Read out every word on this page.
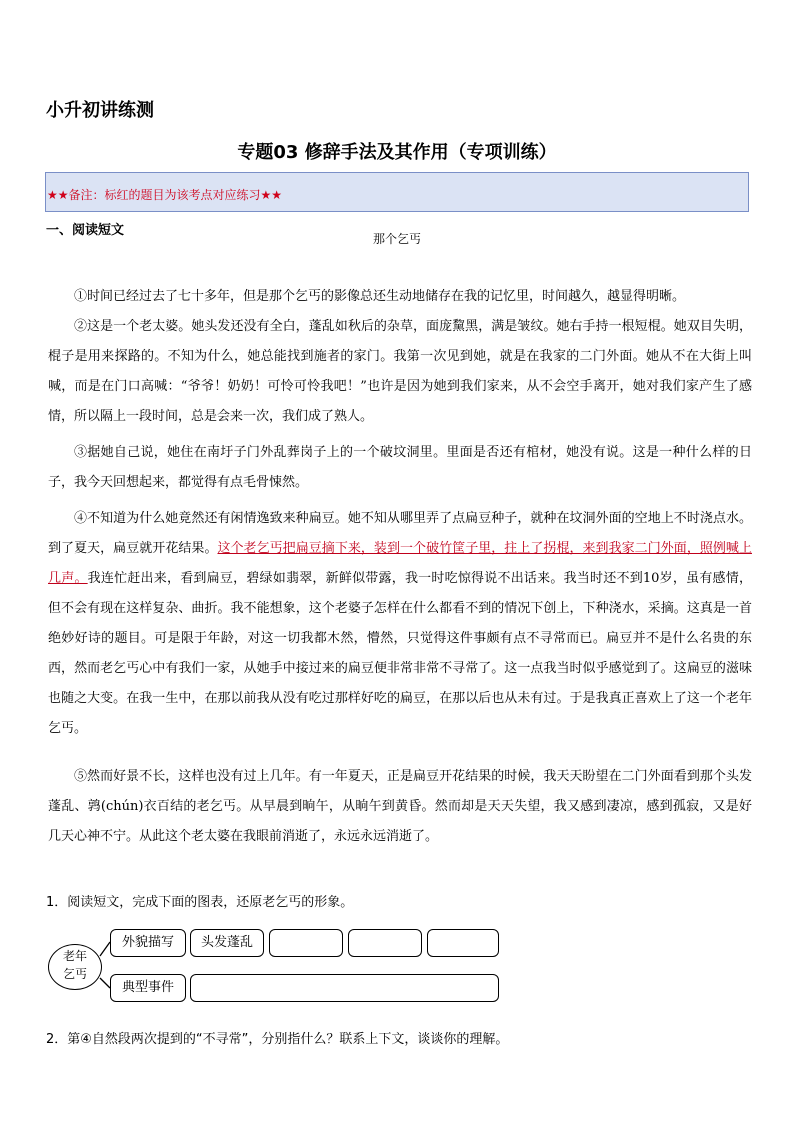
小升初讲练测
专题03 修辞手法及其作用（专项训练）
★★备注：标红的题目为该考点对应练习★★
一、阅读短文
那个乞丐
①时间已经过去了七十多年，但是那个乞丐的影像总还生动地储存在我的记忆里，时间越久，越显得明晰。
②这是一个老太婆。她头发还没有全白，蓬乱如秋后的杂草，面庞黧黑，满是皱纹。她右手持一根短棍。她双目失明，棍子是用来探路的。不知为什么，她总能找到施者的家门。我第一次见到她，就是在我家的二门外面。她从不在大街上叫喊，而是在门口高喊：“爷爷！奶奶！可怜可怜我吧！”也许是因为她到我们家来，从不会空手离开，她对我们家产生了感情，所以隔上一段时间，总是会来一次，我们成了熟人。
③据她自己说，她住在南圩子门外乱葬岗子上的一个破坟洞里。里面是否还有棺材，她没有说。这是一种什么样的日子，我今天回想起来，都觉得有点毛骨悚然。
④不知道为什么她竟然还有闲情逸致来种扁豆。她不知从哪里弄了点扁豆种子，就种在坟洞外面的空地上不时浇点水。到了夏天，扁豆就开花结果。这个老乞丐把扁豆摘下来，装到一个破竹筐子里，拄上了拐棍，来到我家二门外面，照例喊上几声。我连忙赶出来，看到扁豆，碧绿如翡翠，新鲜似带露，我一时吃惊得说不出话来。我当时还不到10岁，虽有感情，但不会有现在这样复杂、曲折。我不能想象，这个老婆子怎样在什么都看不到的情况下创上，下种浇水，采摘。这真是一首绝妙好诗的题目。可是限于年龄，对这一切我都木然，懵然，只觉得这件事颇有点不寻常而已。扁豆并不是什么名贵的东西，然而老乞丐心中有我们一家，从她手中接过来的扁豆便非常非常不寻常了。这一点我当时似乎感觉到了。这扁豆的滋味也随之大变。在我一生中，在那以前我从没有吃过那样好吃的扁豆，在那以后也从未有过。于是我真正喜欢上了这一个老年乞丐。
⑤然而好景不长，这样也没有过上几年。有一年夏天，正是扁豆开花结果的时候，我天天盼望在二门外面看到那个头发蓬乱、鹑(chún)衣百结的老乞丐。从早晨到晌午，从晌午到黄昏。然而却是天天失望，我又感到凄凉，感到孤寂，又是好几天心神不宁。从此这个老太婆在我眼前消逝了，永远永远消逝了。
1．阅读短文，完成下面的图表，还原老乞丐的形象。
老年
乞丐
外貌描写	头发蓬乱
典型事件
2．第④自然段两次提到的“不寻常”，分别指什么？联系上下文，谈谈你的理解。
